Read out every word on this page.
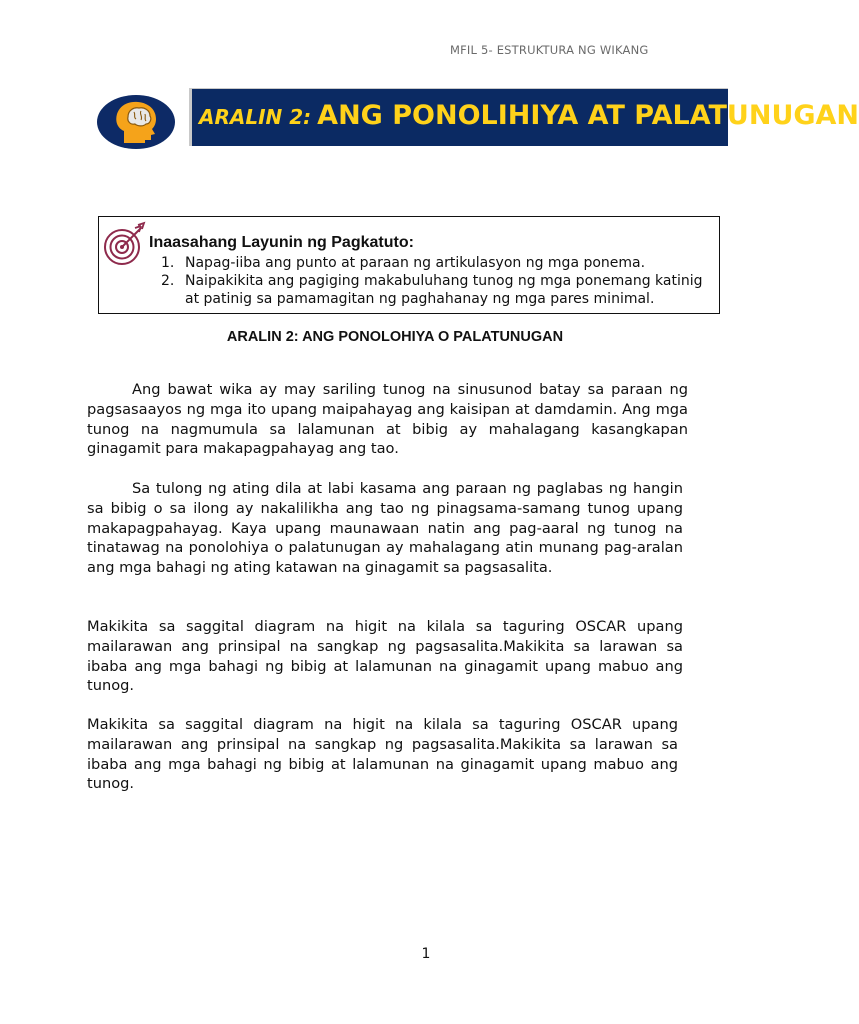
MFIL 5- ESTRUKTURA NG WIKANG
ARALIN 2: ANG PONOLIHIYA AT PALATUNUGAN
Inaasahang Layunin ng Pagkatuto:
1. Napag-iiba ang punto at paraan ng artikulasyon ng mga ponema.
2. Naipakikita ang pagiging makabuluhang tunog ng mga ponemang katinig at patinig sa pamamagitan ng paghahanay ng mga pares minimal.
ARALIN 2: ANG PONOLOHIYA O PALATUNUGAN

Ang bawat wika ay may sariling tunog na sinusunod batay sa paraan ng pagsasaayos ng mga ito upang maipahayag ang kaisipan at damdamin. Ang mga tunog na nagmumula sa lalamunan at bibig ay mahalagang kasangkapan ginagamit para makapagpahayag ang tao.

Sa tulong ng ating dila at labi kasama ang paraan ng paglabas ng hangin sa bibig o sa ilong ay nakalilikha ang tao ng pinagsama-samang tunog upang makapagpahayag. Kaya upang maunawaan natin ang pag-aaral ng tunog na tinatawag na ponolohiya o palatunugan ay mahalagang atin munang pag-aralan ang mga bahagi ng ating katawan na ginagamit sa pagsasalita.

Makikita sa saggital diagram na higit na kilala sa taguring OSCAR upang mailarawan ang prinsipal na sangkap ng pagsasalita.Makikita sa larawan sa ibaba ang mga bahagi ng bibig at lalamunan na ginagamit upang mabuo ang tunog.

Makikita sa saggital diagram na higit na kilala sa taguring OSCAR upang mailarawan ang prinsipal na sangkap ng pagsasalita.Makikita sa larawan sa ibaba ang mga bahagi ng bibig at lalamunan na ginagamit upang mabuo ang tunog.

1
